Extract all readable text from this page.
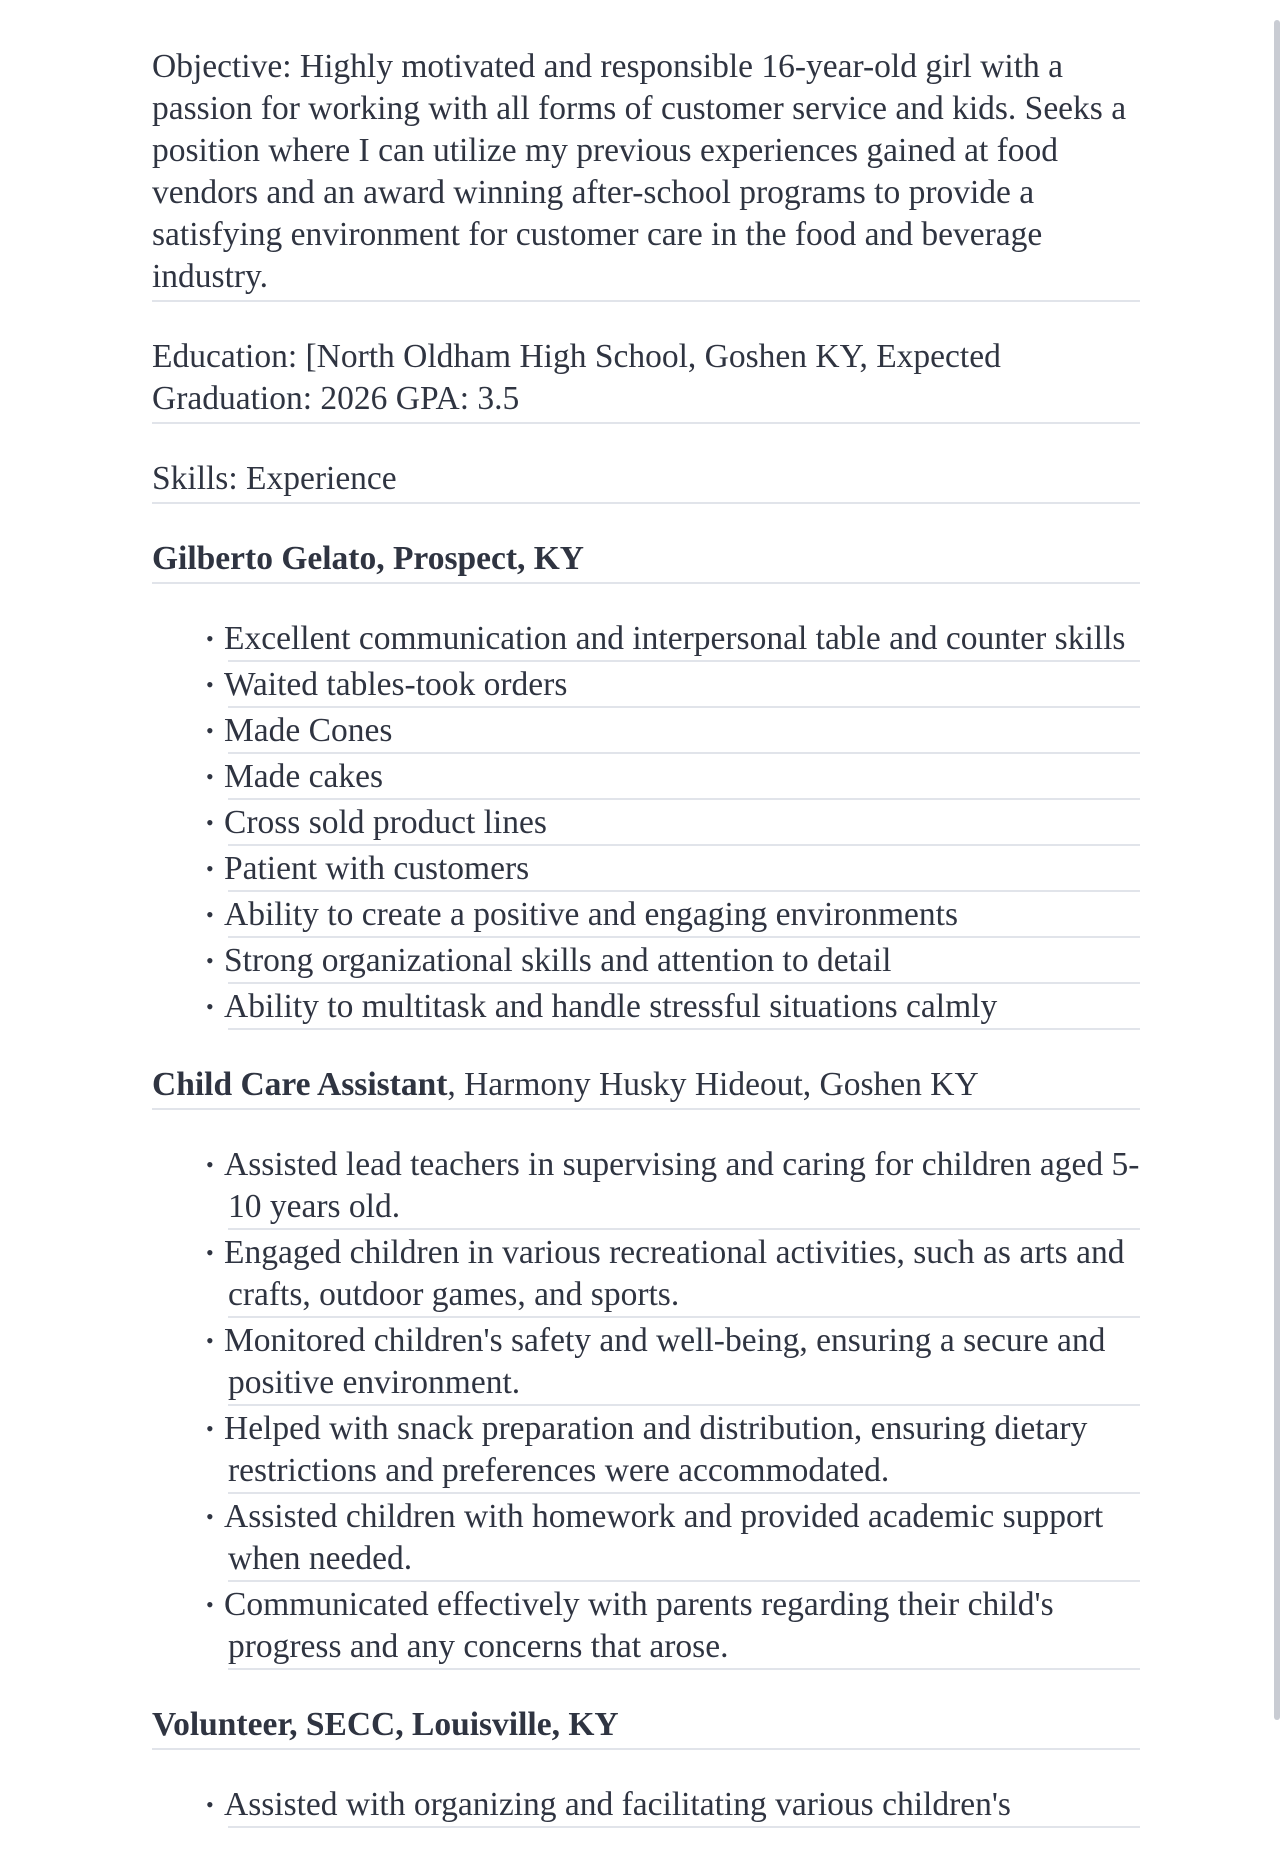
Objective: Highly motivated and responsible 16-year-old girl with a passion for working with all forms of customer service and kids. Seeks a position where I can utilize my previous experiences gained at food vendors and an award winning after-school programs to provide a satisfying environment for customer care in the food and beverage industry.
Education: [North Oldham High School, Goshen KY, Expected Graduation: 2026 GPA: 3.5
Skills: Experience
Gilberto Gelato, Prospect, KY
• Excellent communication and interpersonal table and counter skills
• Waited tables-took orders
• Made Cones
• Made cakes
• Cross sold product lines
• Patient with customers
• Ability to create a positive and engaging environments
• Strong organizational skills and attention to detail
• Ability to multitask and handle stressful situations calmly
Child Care Assistant, Harmony Husky Hideout, Goshen KY
• Assisted lead teachers in supervising and caring for children aged 5-10 years old.
• Engaged children in various recreational activities, such as arts and crafts, outdoor games, and sports.
• Monitored children's safety and well-being, ensuring a secure and positive environment.
• Helped with snack preparation and distribution, ensuring dietary restrictions and preferences were accommodated.
• Assisted children with homework and provided academic support when needed.
• Communicated effectively with parents regarding their child's progress and any concerns that arose.
Volunteer, SECC, Louisville, KY
• Assisted with organizing and facilitating various children's
